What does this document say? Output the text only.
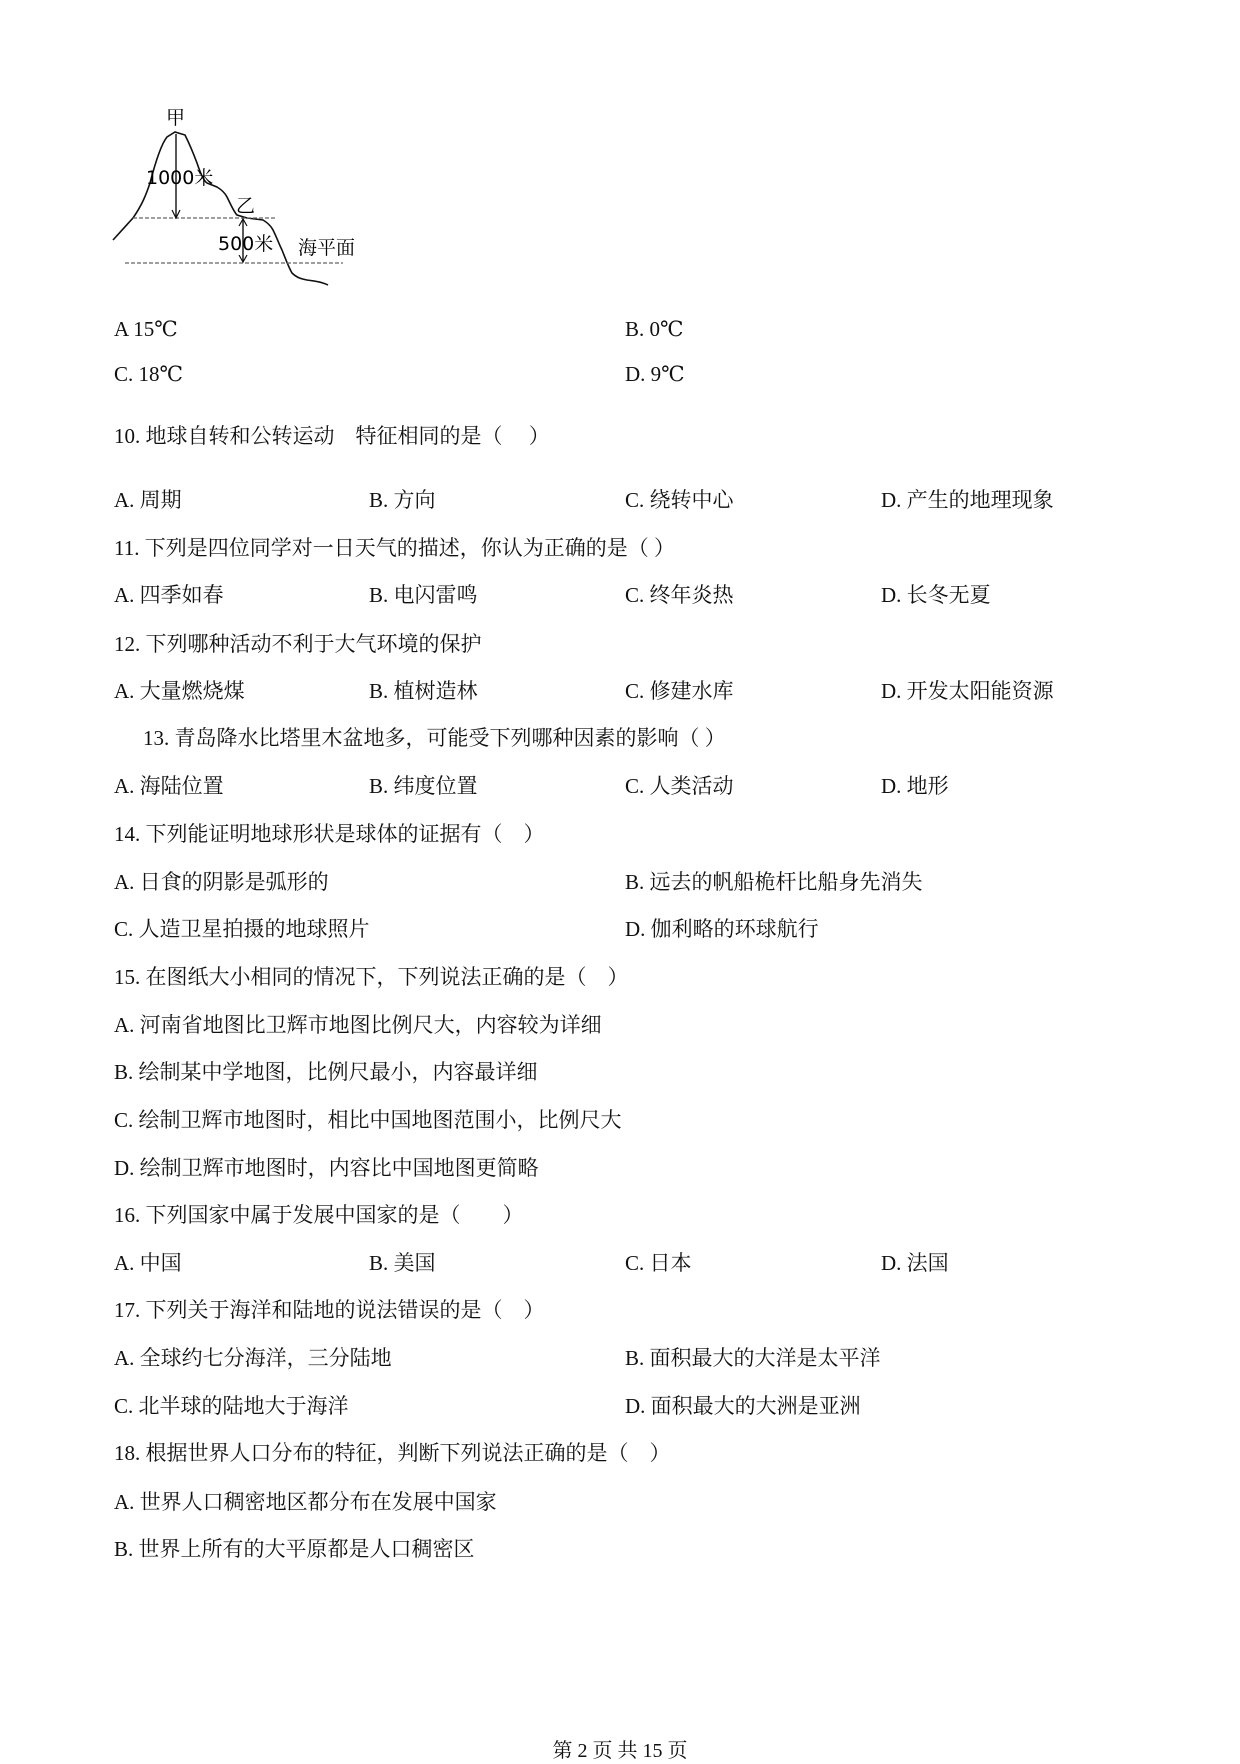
甲
1000米
乙
500米 海平面
A 15℃	B. 0℃
C. 18℃	D. 9℃
10. 地球自转和公转运动　特征相同的是（　 ）
A. 周期	B. 方向	C. 绕转中心	D. 产生的地理现象
11. 下列是四位同学对一日天气的描述，你认为正确的是（ ）
A. 四季如春	B. 电闪雷鸣	C. 终年炎热	D. 长冬无夏
12. 下列哪种活动不利于大气环境的保护
A. 大量燃烧煤	B. 植树造林	C. 修建水库	D. 开发太阳能资源
13. 青岛降水比塔里木盆地多，可能受下列哪种因素的影响（ ）
A. 海陆位置	B. 纬度位置	C. 人类活动	D. 地形
14. 下列能证明地球形状是球体的证据有（　）
A. 日食的阴影是弧形的	B. 远去的帆船桅杆比船身先消失
C. 人造卫星拍摄的地球照片	D. 伽利略的环球航行
15. 在图纸大小相同的情况下，下列说法正确的是（　）
A. 河南省地图比卫辉市地图比例尺大，内容较为详细
B. 绘制某中学地图，比例尺最小，内容最详细
C. 绘制卫辉市地图时，相比中国地图范围小，比例尺大
D. 绘制卫辉市地图时，内容比中国地图更简略
16. 下列国家中属于发展中国家的是（　　）
A. 中国	B. 美国	C. 日本	D. 法国
17. 下列关于海洋和陆地的说法错误的是（　）
A. 全球约七分海洋，三分陆地	B. 面积最大的大洋是太平洋
C. 北半球的陆地大于海洋	D. 面积最大的大洲是亚洲
18. 根据世界人口分布的特征，判断下列说法正确的是（　）
A. 世界人口稠密地区都分布在发展中国家
B. 世界上所有的大平原都是人口稠密区
第 2 页 共 15 页
